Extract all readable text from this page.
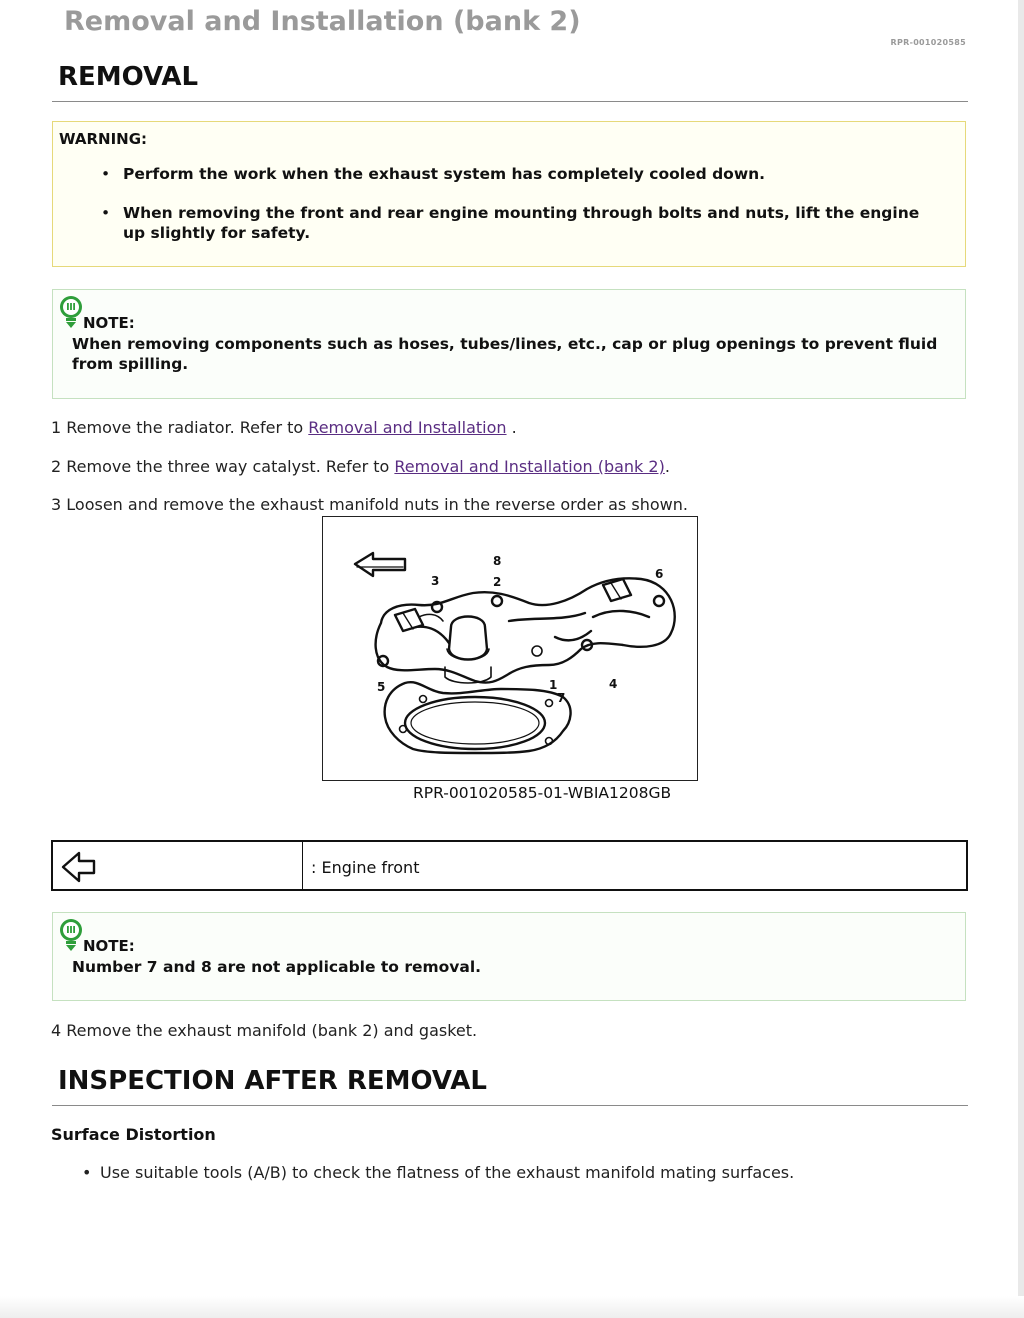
Removal and Installation (bank 2)
RPR-001020585
REMOVAL
WARNING:
• Perform the work when the exhaust system has completely cooled down.
• When removing the front and rear engine mounting through bolts and nuts, lift the engine up slightly for safety.
NOTE:
When removing components such as hoses, tubes/lines, etc., cap or plug openings to prevent fluid from spilling.

1 Remove the radiator. Refer to Removal and Installation .

2 Remove the three way catalyst. Refer to Removal and Installation (bank 2).

3 Loosen and remove the exhaust manifold nuts in the reverse order as shown.

8
3	2
6
5	1
7
4
RPR-001020585-01-WBIA1208GB
: Engine front
NOTE:
Number 7 and 8 are not applicable to removal.

4 Remove the exhaust manifold (bank 2) and gasket.

INSPECTION AFTER REMOVAL
Surface Distortion
• Use suitable tools (A/B) to check the flatness of the exhaust manifold mating surfaces.
